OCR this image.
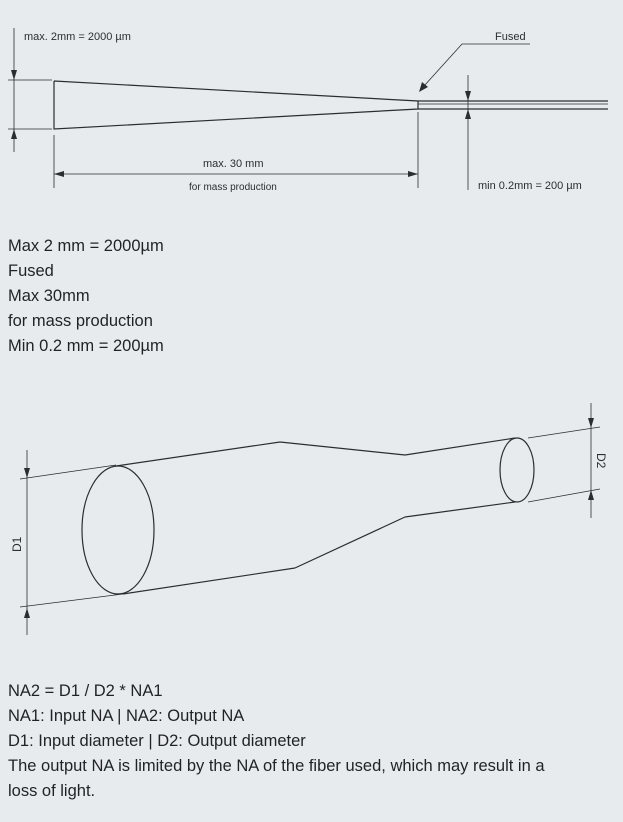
max. 2mm = 2000 µm	Fused
max. 30 mm
for mass production	min 0.2mm = 200 µm
Max 2 mm = 2000µm
Fused
Max 30mm
for mass production
Min 0.2 mm = 200µm
D1
D2
NA2 = D1 / D2 * NA1
NA1: Input NA | NA2: Output NA
D1: Input diameter | D2: Output diameter
The output NA is limited by the NA of the fiber used, which may result in a
loss of light.
